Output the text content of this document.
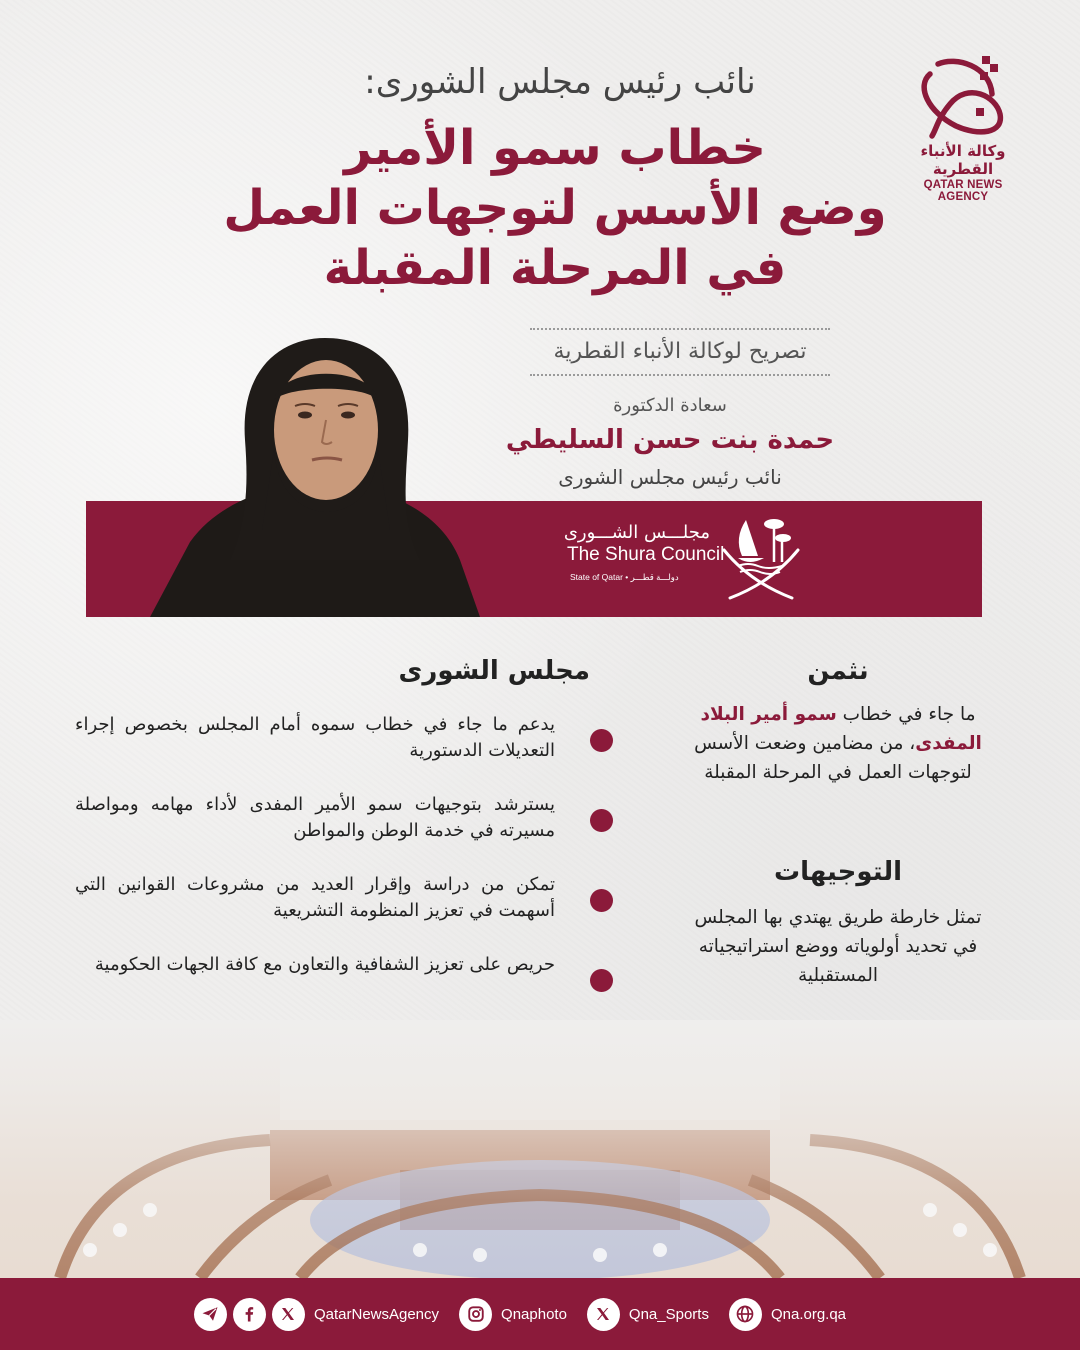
وكالة الأنباء القطرية
QATAR NEWS AGENCY
نائب رئيس مجلس الشورى:
خطاب سمو الأمير
وضع الأسس لتوجهات العمل
في المرحلة المقبلة
تصريح لوكالة الأنباء القطرية
سعادة الدكتورة
حمدة بنت حسن السليطي
نائب رئيس مجلس الشورى
مجلـــس الشـــورى
The Shura Council
State of Qatar • دولـــة قطـــر
مجلس الشورى
يدعم ما جاء في خطاب سموه أمام المجلس بخصوص إجراء التعديلات الدستورية
يسترشد بتوجيهات سمو الأمير المفدى لأداء مهامه ومواصلة مسيرته في خدمة الوطن والمواطن
تمكن من دراسة وإقرار العديد من مشروعات القوانين التي أسهمت في تعزيز المنظومة التشريعية
حريص على تعزيز الشفافية والتعاون مع كافة الجهات الحكومية
نثمن
ما جاء في خطاب سمو أمير البلاد المفدى، من مضامين وضعت الأسس لتوجهات العمل في المرحلة المقبلة
التوجيهات
تمثل خارطة طريق يهتدي بها المجلس في تحديد أولوياته ووضع استراتيجياته المستقبلية
QatarNewsAgency	Qnaphoto	Qna_Sports	Qna.org.qa
